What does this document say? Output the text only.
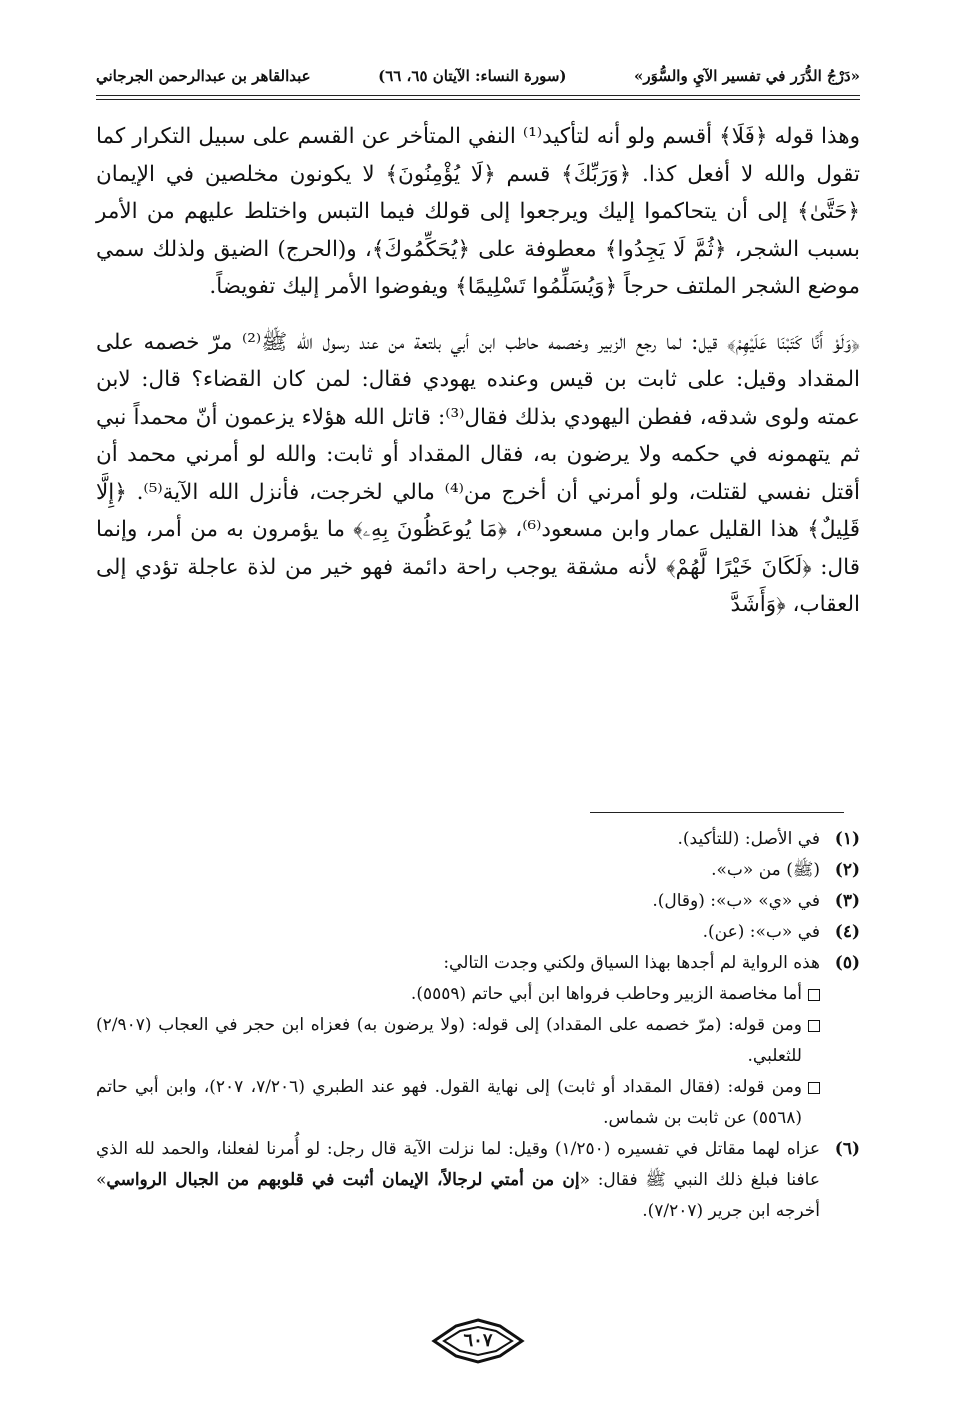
«دَرْجُ الدُّرَر في تفسير الآيِ والسُّوَر»
(سورة النساء: الآيتان ٦٥، ٦٦)
عبدالقاهر بن عبدالرحمن الجرجاني

وهذا قوله ﴿فَلَا﴾ أقسم ولو أنه لتأكيد⁽¹⁾ النفي المتأخر عن القسم على سبيل التكرار كما تقول والله لا أفعل كذا. ﴿وَرَبِّكَ﴾ قسم ﴿لَا يُؤْمِنُونَ﴾ لا يكونون مخلصين في الإيمان ﴿حَتَّىٰ﴾ إلى أن يتحاكموا إليك ويرجعوا إلى قولك فيما التبس واختلط عليهم من الأمر بسبب الشجر، ﴿ثُمَّ لَا يَجِدُوا﴾ معطوفة على ﴿يُحَكِّمُوكَ﴾، و(الحرج) الضيق ولذلك سمي موضع الشجر الملتف حرجاً ﴿وَيُسَلِّمُوا تَسْلِيمًا﴾ ويفوضوا الأمر إليك تفويضاً.

﴿وَلَوْ أَنَّا كَتَبْنَا عَلَيْهِمْ﴾ قيل: لما رجع الزبير وخصمه حاطب ابن أبي بلتعة من عند رسول الله ﷺ⁽²⁾ مرّ خصمه على المقداد وقيل: على ثابت بن قيس وعنده يهودي فقال: لمن كان القضاء؟ قال: لابن عمته ولوى شدقه، ففطن اليهودي بذلك فقال⁽³⁾: قاتل الله هؤلاء يزعمون أنّ محمداً نبي ثم يتهمونه في حكمه ولا يرضون به، فقال المقداد أو ثابت: والله لو أمرني محمد أن أقتل نفسي لقتلت، ولو أمرني أن أخرج من⁽⁴⁾ مالي لخرجت، فأنزل الله الآية⁽⁵⁾. ﴿إِلَّا قَلِيلٌ﴾ هذا القليل عمار وابن مسعود⁽⁶⁾، ﴿مَا يُوعَظُونَ بِهِۦ﴾ ما يؤمرون به من أمر، وإنما قال: ﴿لَكَانَ خَيْرًا لَّهُمْ﴾ لأنه مشقة يوجب راحة دائمة فهو خير من لذة عاجلة تؤدي إلى العقاب، ﴿وَأَشَدَّ

(١)
في الأصل: (للتأكيد).
(٢)
(ﷺ) من «ب».
(٣)
في «ي» «ب»: (وقال).
(٤)
في «ب»: (عن).
(٥)
هذه الرواية لم أجدها بهذا السياق ولكني وجدت التالي:
أما مخاصمة الزبير وحاطب فرواها ابن أبي حاتم (٥٥٥٩).
ومن قوله: (مرّ خصمه على المقداد) إلى قوله: (ولا يرضون به) فعزاه ابن حجر في العجاب (٢/٩٠٧) للثعلبي.
ومن قوله: (فقال المقداد أو ثابت) إلى نهاية القول. فهو عند الطبري (٧/٢٠٦، ٢٠٧)، وابن أبي حاتم (٥٥٦٨) عن ثابت بن شماس.
(٦)
عزاه لهما مقاتل في تفسيره (١/٢٥٠) وقيل: لما نزلت الآية قال رجل: لو أُمرنا لفعلنا، والحمد لله الذي عافنا فبلغ ذلك النبي ﷺ فقال: «إن من أمتي لرجالاً، الإيمان أثبت في قلوبهم من الجبال الرواسي» أخرجه ابن جرير (٧/٢٠٧).
٦٠٧
